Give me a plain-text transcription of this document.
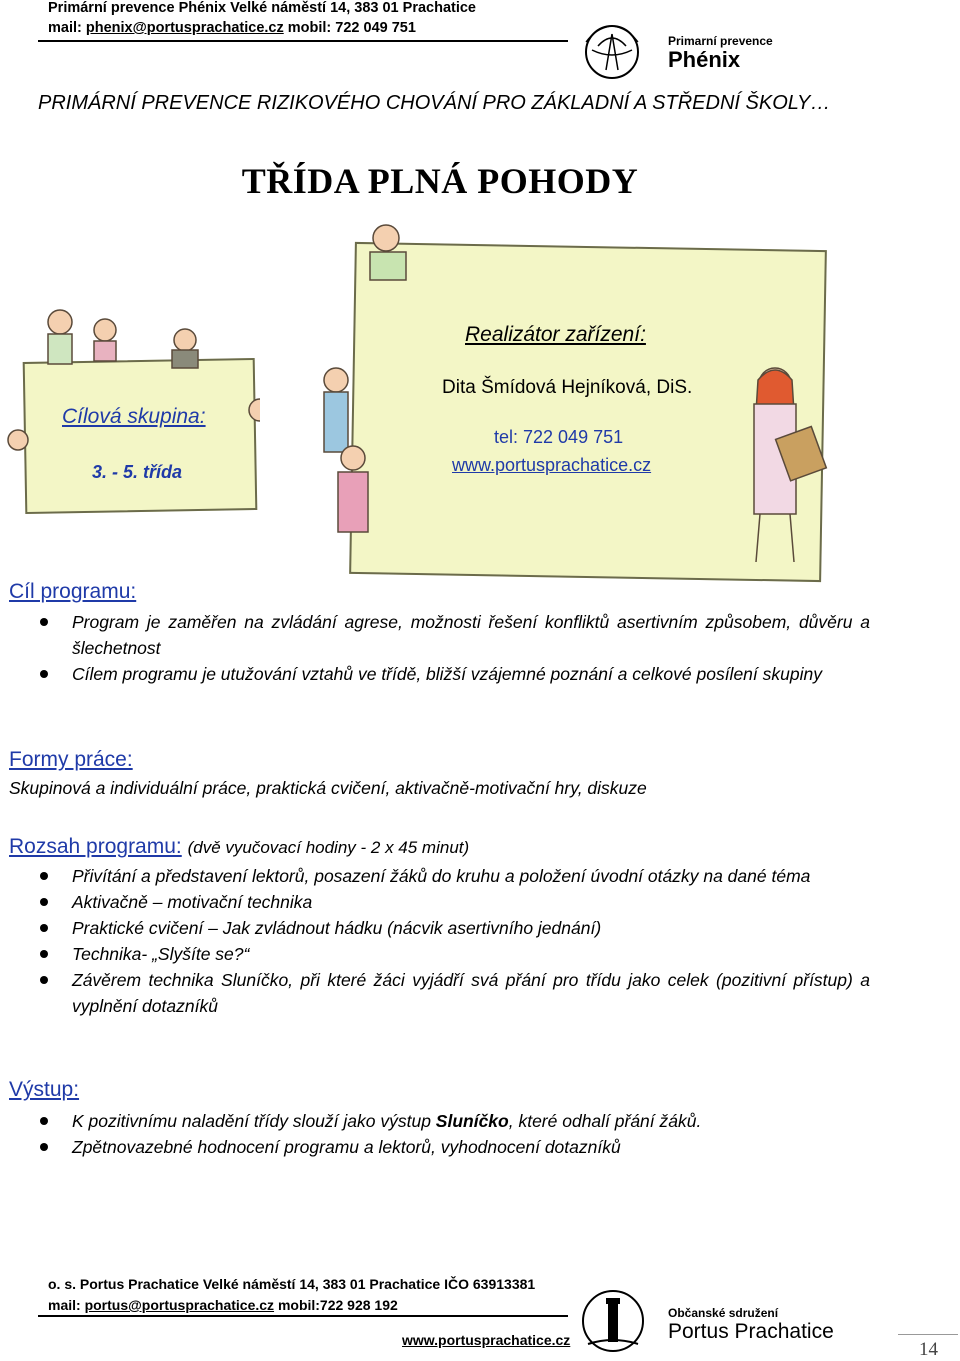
Primární prevence Phénix Velké náměstí 14, 383 01 Prachatice
mail: phenix@portusprachatice.cz mobil: 722 049 751
Primarní prevence
Phénix
PRIMÁRNÍ PREVENCE RIZIKOVÉHO CHOVÁNÍ PRO ZÁKLADNÍ A STŘEDNÍ ŠKOLY…
TŘÍDA PLNÁ POHODY
Cílová skupina:
3. - 5. třída
Realizátor zařízení:
Dita Šmídová Hejníková, DiS.
tel: 722 049 751
www.portusprachatice.cz
Cíl programu:
Program je zaměřen na zvládání agrese, možnosti řešení konfliktů asertivním způsobem, důvěru a šlechetnost
Cílem programu je utužování vztahů ve třídě, bližší vzájemné poznání a celkové posílení skupiny
Formy práce:
Skupinová a individuální práce, praktická cvičení, aktivačně-motivační hry, diskuze
Rozsah programu: (dvě vyučovací hodiny - 2 x 45 minut)
Přivítání a představení lektorů, posazení žáků do kruhu a položení úvodní otázky na dané téma
Aktivačně – motivační technika
Praktické cvičení – Jak zvládnout hádku (nácvik asertivního jednání)
Technika- „Slyšíte se?“
Závěrem technika Sluníčko, při které žáci vyjádří svá přání pro třídu jako celek (pozitivní přístup) a vyplnění dotazníků
Výstup:
K pozitivnímu naladění třídy slouží jako výstup Sluníčko, které odhalí přání žáků.
Zpětnovazebné hodnocení programu a lektorů, vyhodnocení dotazníků
o. s. Portus Prachatice Velké náměstí 14, 383 01 Prachatice IČO 63913381
mail: portus@portusprachatice.cz mobil:722 928 192
www.portusprachatice.cz
Občanské sdružení
Portus Prachatice
14
